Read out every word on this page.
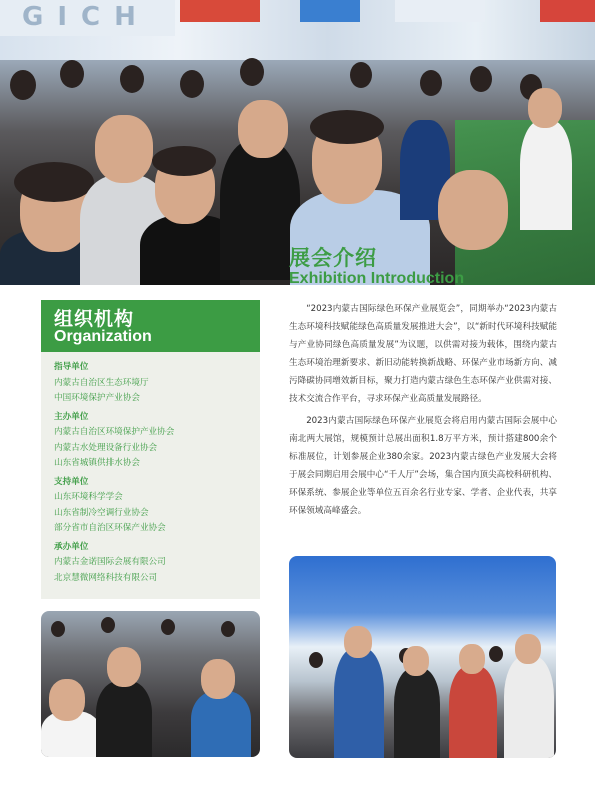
GICH
展会介绍
Exhibition Introduction

“2023内蒙古国际绿色环保产业展览会”，同期举办“2023内蒙古生态环境科技赋能绿色高质量发展推进大会”，以“新时代环境科技赋能与产业协同绿色高质量发展”为议题，以供需对接为载体，围绕内蒙古生态环境治理新要求、新旧动能转换新战略、环保产业市场新方向、减污降碳协同增效新目标，聚力打造内蒙古绿色生态环保产业供需对接、技术交流合作平台，寻求环保产业高质量发展路径。

2023内蒙古国际绿色环保产业展览会将启用内蒙古国际会展中心南北两大展馆，规模预计总展出面积1.8万平方米，预计搭建800余个标准展位，计划参展企业380余家。2023内蒙古绿色产业发展大会将于展会同期启用会展中心“千人厅”会场，集合国内顶尖高校科研机构、环保系统、参展企业等单位五百余名行业专家、学者、企业代表，共享环保领域高峰盛会。

组织机构
Organization
指导单位
内蒙古自治区生态环境厅
中国环境保护产业协会
主办单位
内蒙古自治区环境保护产业协会
内蒙古水处理设备行业协会
山东省城镇供排水协会
支持单位
山东环境科学学会
山东省制冷空调行业协会
部分省市自治区环保产业协会
承办单位
内蒙古金诺国际会展有限公司
北京慧微网络科技有限公司
